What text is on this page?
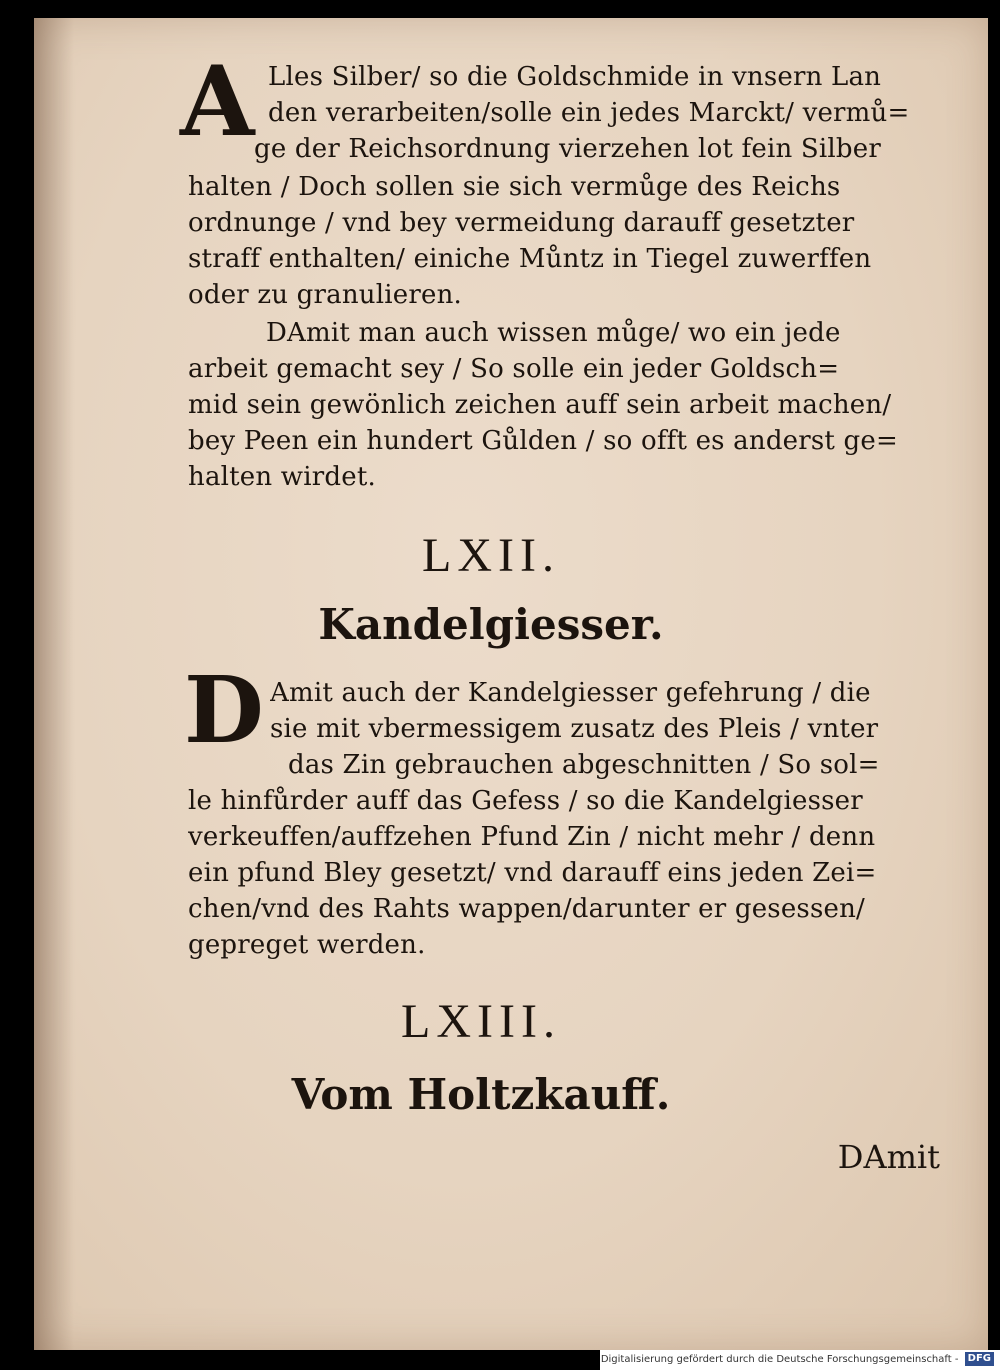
A Lles Silber/ so die Goldschmide in vnsern Lan
den verarbeiten/solle ein jedes Marckt/ vermů=
ge der Reichsordnung vierzehen lot fein Silber
halten / Doch sollen sie sich vermůge des Reichs
ordnunge / vnd bey vermeidung darauff gesetzter
straff enthalten/ einiche Můntz in Tiegel zuwerffen
oder zu granulieren.
DAmit man auch wissen můge/ wo ein jede
arbeit gemacht sey / So solle ein jeder Goldsch=
mid sein gewönlich zeichen auff sein arbeit machen/
bey Peen ein hundert Gůlden / so offt es anderst ge=
halten wirdet.
LXII.
Kandelgiesser.
D Amit auch der Kandelgiesser gefehrung / die
sie mit vbermessigem zusatz des Pleis / vnter
das Zin gebrauchen abgeschnitten / So sol=
le hinfůrder auff das Gefess / so die Kandelgiesser
verkeuffen/auffzehen Pfund Zin / nicht mehr / denn
ein pfund Bley gesetzt/ vnd darauff eins jeden Zei=
chen/vnd des Rahts wappen/darunter er gesessen/
gepreget werden.
LXIII.
Vom Holtzkauff.
DAmit
Digitalisierung gefördert durch die Deutsche Forschungsgemeinschaft - DFG
